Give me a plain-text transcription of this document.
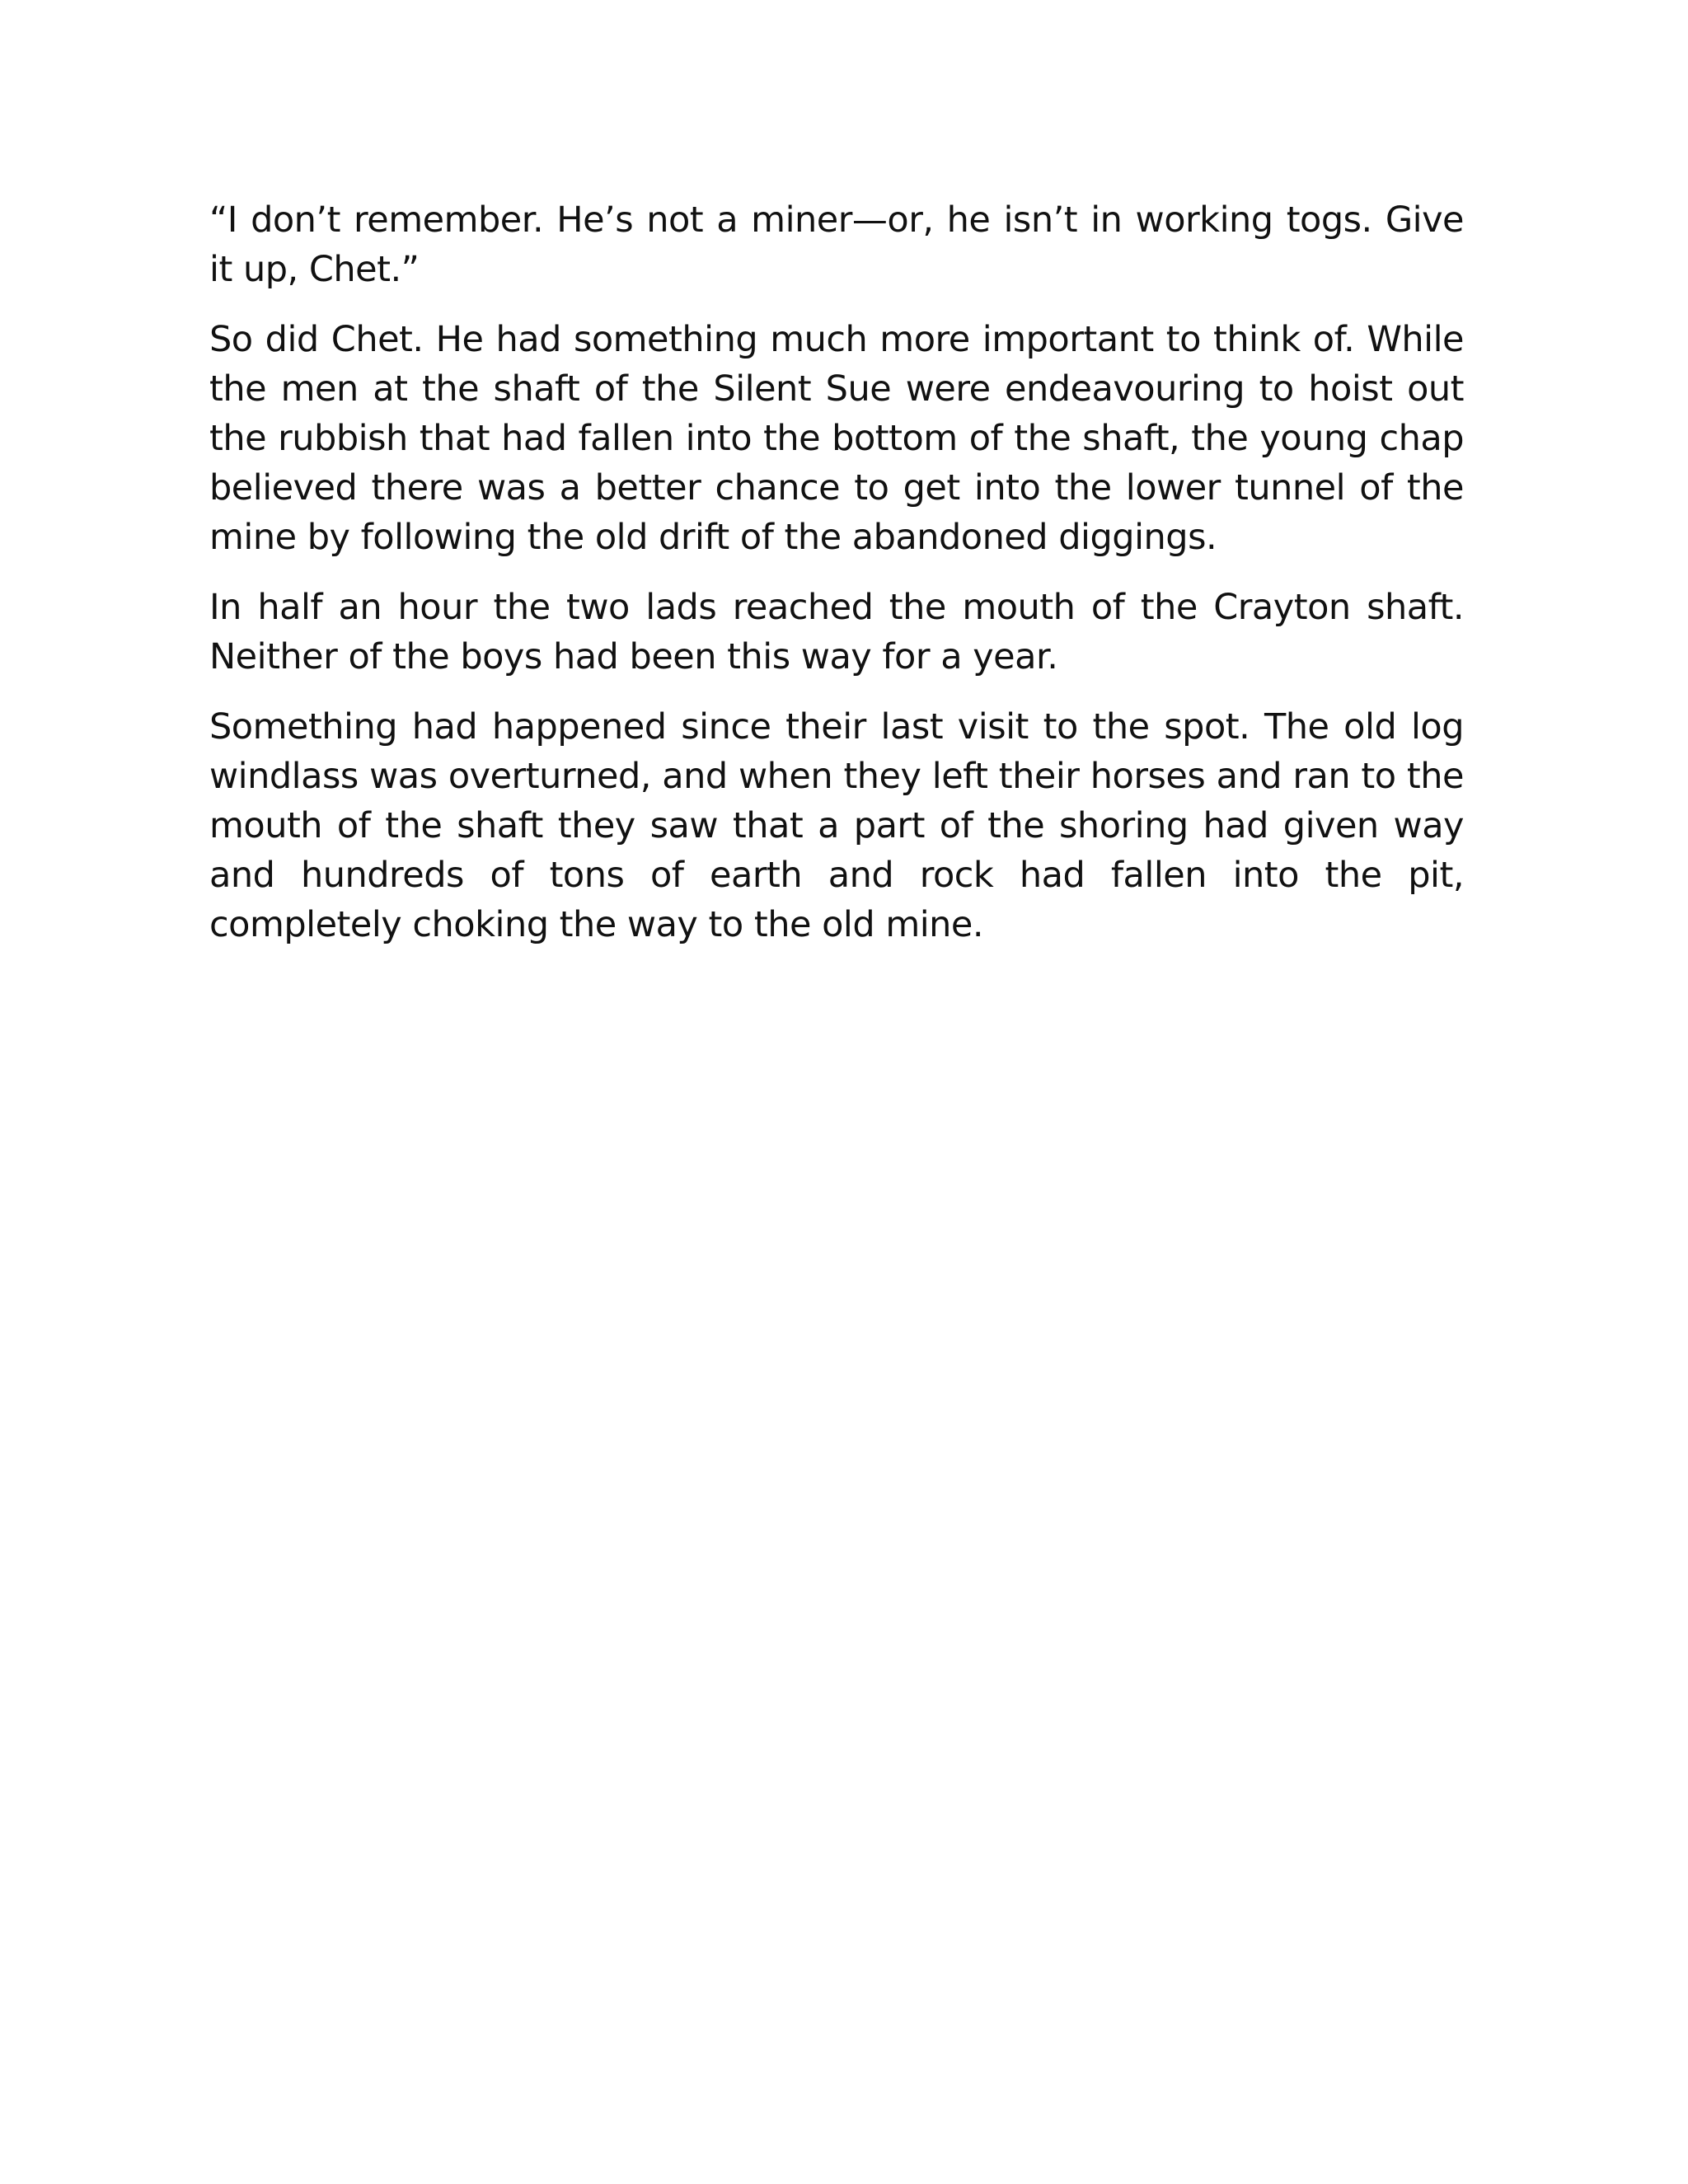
“I don’t remember. He’s not a miner—or, he isn’t in working togs. Give it up, Chet.”

So did Chet. He had something much more important to think of. While the men at the shaft of the Silent Sue were endeavouring to hoist out the rubbish that had fallen into the bottom of the shaft, the young chap believed there was a better chance to get into the lower tunnel of the mine by following the old drift of the abandoned diggings.

In half an hour the two lads reached the mouth of the Crayton shaft. Neither of the boys had been this way for a year.

Something had happened since their last visit to the spot. The old log windlass was overturned, and when they left their horses and ran to the mouth of the shaft they saw that a part of the shoring had given way and hundreds of tons of earth and rock had fallen into the pit, completely choking the way to the old mine.
